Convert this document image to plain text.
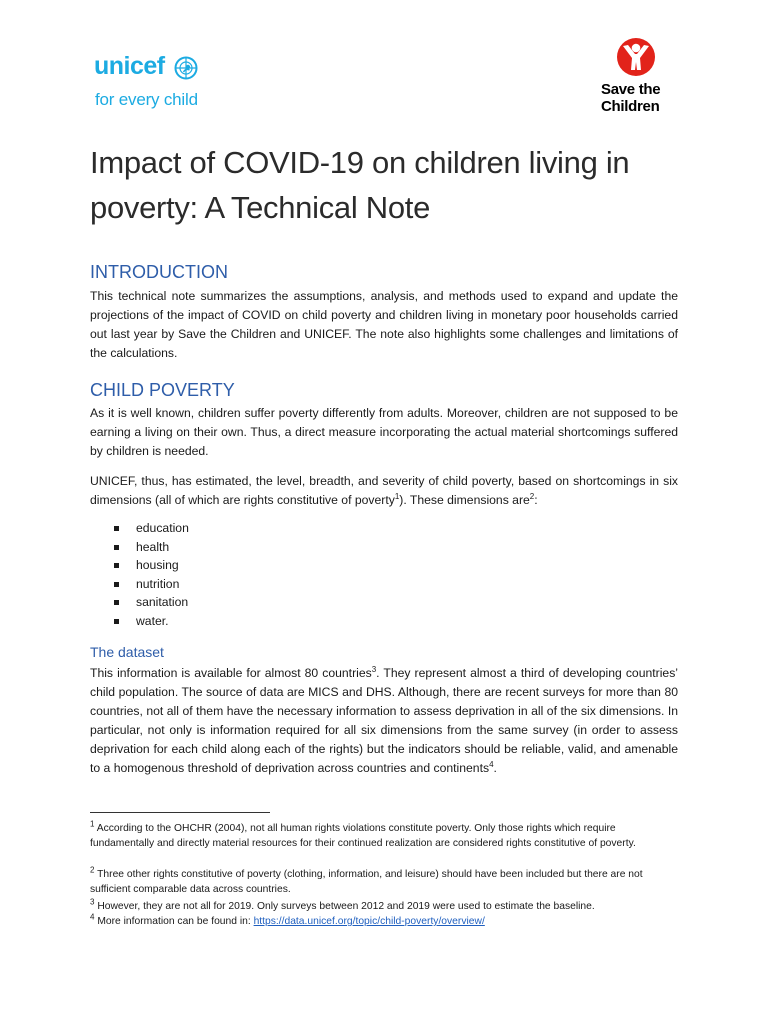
unicef
for every child
Save the
Children
Impact of COVID-19 on children living in
poverty: A Technical Note
INTRODUCTION

This technical note summarizes the assumptions, analysis, and methods used to expand and update the projections of the impact of COVID on child poverty and children living in monetary poor households carried out last year by Save the Children and UNICEF. The note also highlights some challenges and limitations of the calculations.

CHILD POVERTY

As it is well known, children suffer poverty differently from adults. Moreover, children are not supposed to be earning a living on their own. Thus, a direct measure incorporating the actual material shortcomings suffered by children is needed.

UNICEF, thus, has estimated, the level, breadth, and severity of child poverty, based on shortcomings in six dimensions (all of which are rights constitutive of poverty$^1$). These dimensions are$^2$:

education
health
housing
nutrition
sanitation
water.
The dataset

This information is available for almost 80 countries$^3$. They represent almost a third of developing countries’ child population. The source of data are MICS and DHS. Although, there are recent surveys for more than 80 countries, not all of them have the necessary information to assess deprivation in all of the six dimensions. In particular, not only is information required for all six dimensions from the same survey (in order to assess deprivation for each child along each of the rights) but the indicators should be reliable, valid, and amenable to a homogenous threshold of deprivation across countries and continents$^4$.

$^1$ According to the OHCHR (2004), not all human rights violations constitute poverty. Only those rights which require fundamentally and directly material resources for their continued realization are considered rights constitutive of poverty.

$^2$ Three other rights constitutive of poverty (clothing, information, and leisure) should have been included but there are not sufficient comparable data across countries.

$^3$ However, they are not all for 2019. Only surveys between 2012 and 2019 were used to estimate the baseline.

$^4$ More information can be found in: https://data.unicef.org/topic/child-poverty/overview/
